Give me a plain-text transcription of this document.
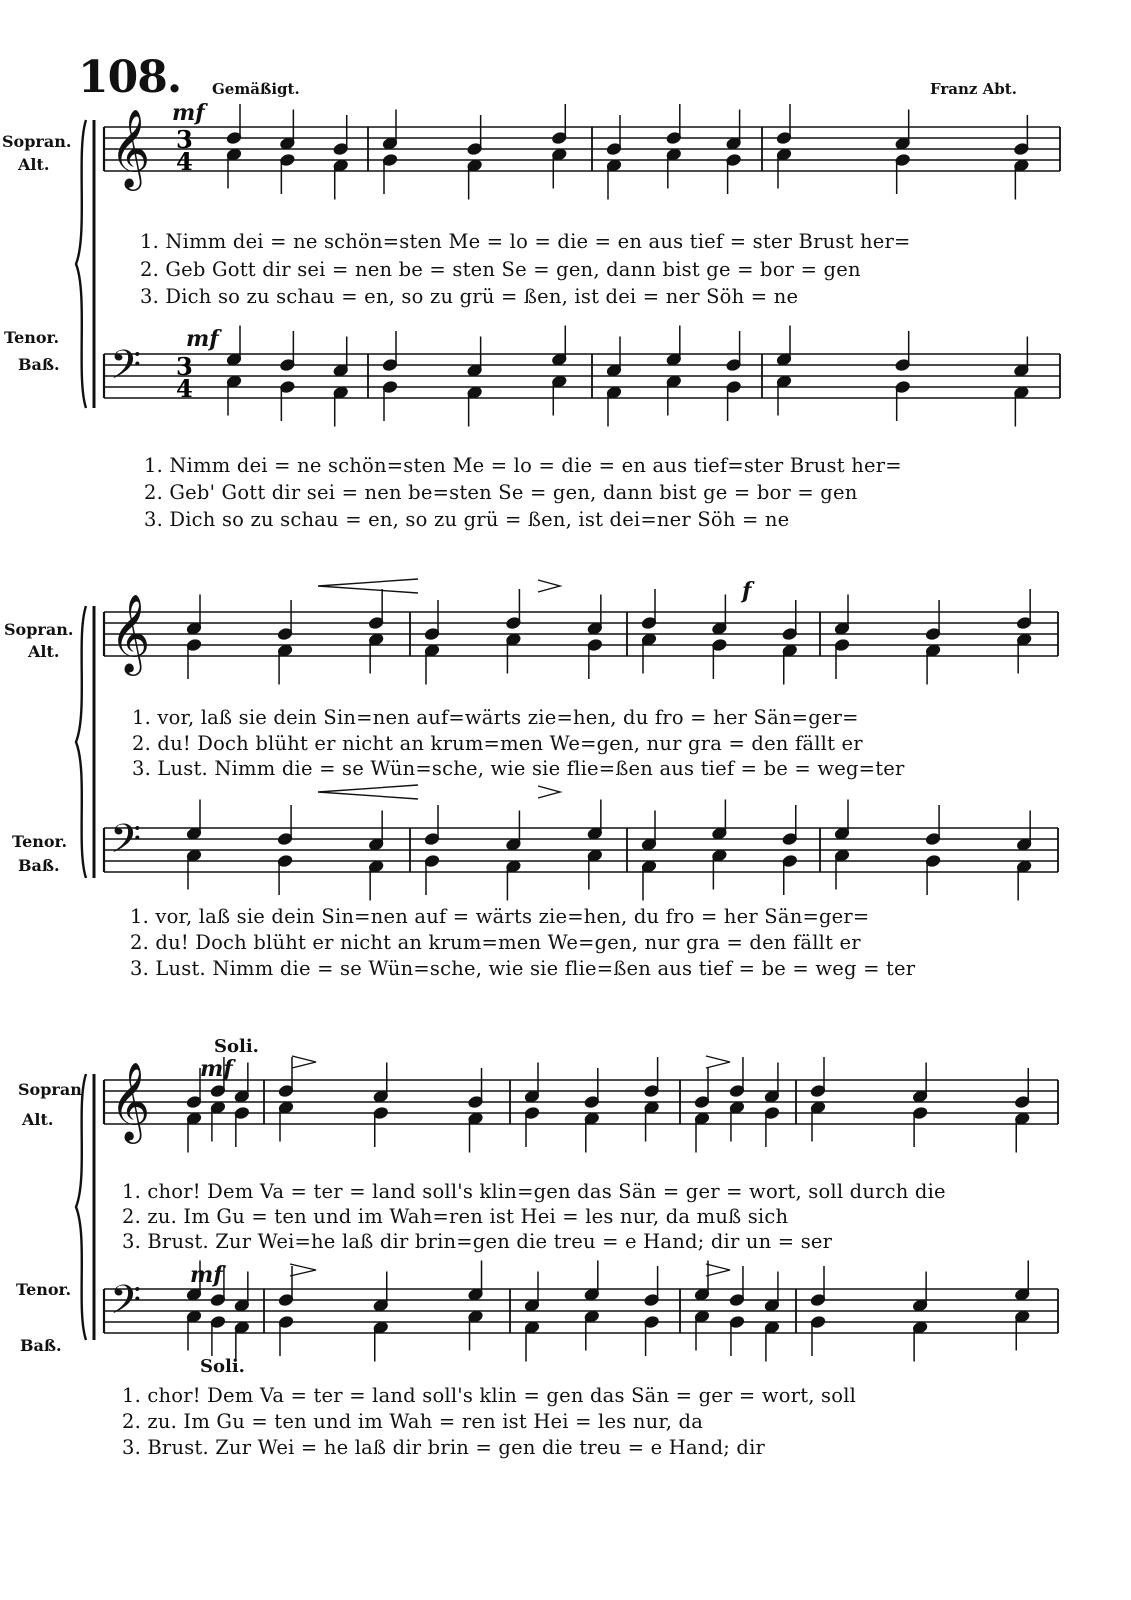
𝄞
𝄢
3
4
3
4
𝄞
𝄢
𝄞
𝄢
108. Gemäßigt.	Franz Abt.
Sopran.
Alt.
Tenor.
Baß.
mf
mf
1. Nimm dei = ne schön=sten Me = lo = die = en aus tief = ster Brust her=
2. Geb Gott dir sei = nen be = sten Se = gen, dann bist ge = bor = gen
3. Dich so zu schau = en, so zu grü = ßen, ist dei = ner Söh = ne
1. Nimm dei = ne schön=sten Me = lo = die = en aus tief=ster Brust her=
2. Geb' Gott dir sei = nen be=sten Se = gen, dann bist ge = bor = gen
3. Dich so zu schau = en, so zu grü = ßen, ist dei=ner Söh = ne
Sopran.
Alt.
Tenor.
Baß.
f
1. vor, laß sie dein Sin=nen auf=wärts zie=hen, du fro = her Sän=ger=
2. du! Doch blüht er nicht an krum=men We=gen, nur gra = den fällt er
3. Lust. Nimm die = se Wün=sche, wie sie flie=ßen aus tief = be = weg=ter
1. vor, laß sie dein Sin=nen auf = wärts zie=hen, du fro = her Sän=ger=
2. du! Doch blüht er nicht an krum=men We=gen, nur gra = den fällt er
3. Lust. Nimm die = se Wün=sche, wie sie flie=ßen aus tief = be = weg = ter
Sopran
Alt.
Tenor.
Baß.
Soli.
mf
mf
Soli.
1. chor! Dem Va = ter = land soll's klin=gen das Sän = ger = wort, soll durch die
2. zu. Im Gu = ten und im Wah=ren ist Hei = les nur, da muß sich
3. Brust. Zur Wei=he laß dir brin=gen die treu = e Hand; dir un = ser
1. chor! Dem Va = ter = land soll's klin = gen das Sän = ger = wort, soll
2. zu. Im Gu = ten und im Wah = ren ist Hei = les nur, da
3. Brust. Zur Wei = he laß dir brin = gen die treu = e Hand; dir
